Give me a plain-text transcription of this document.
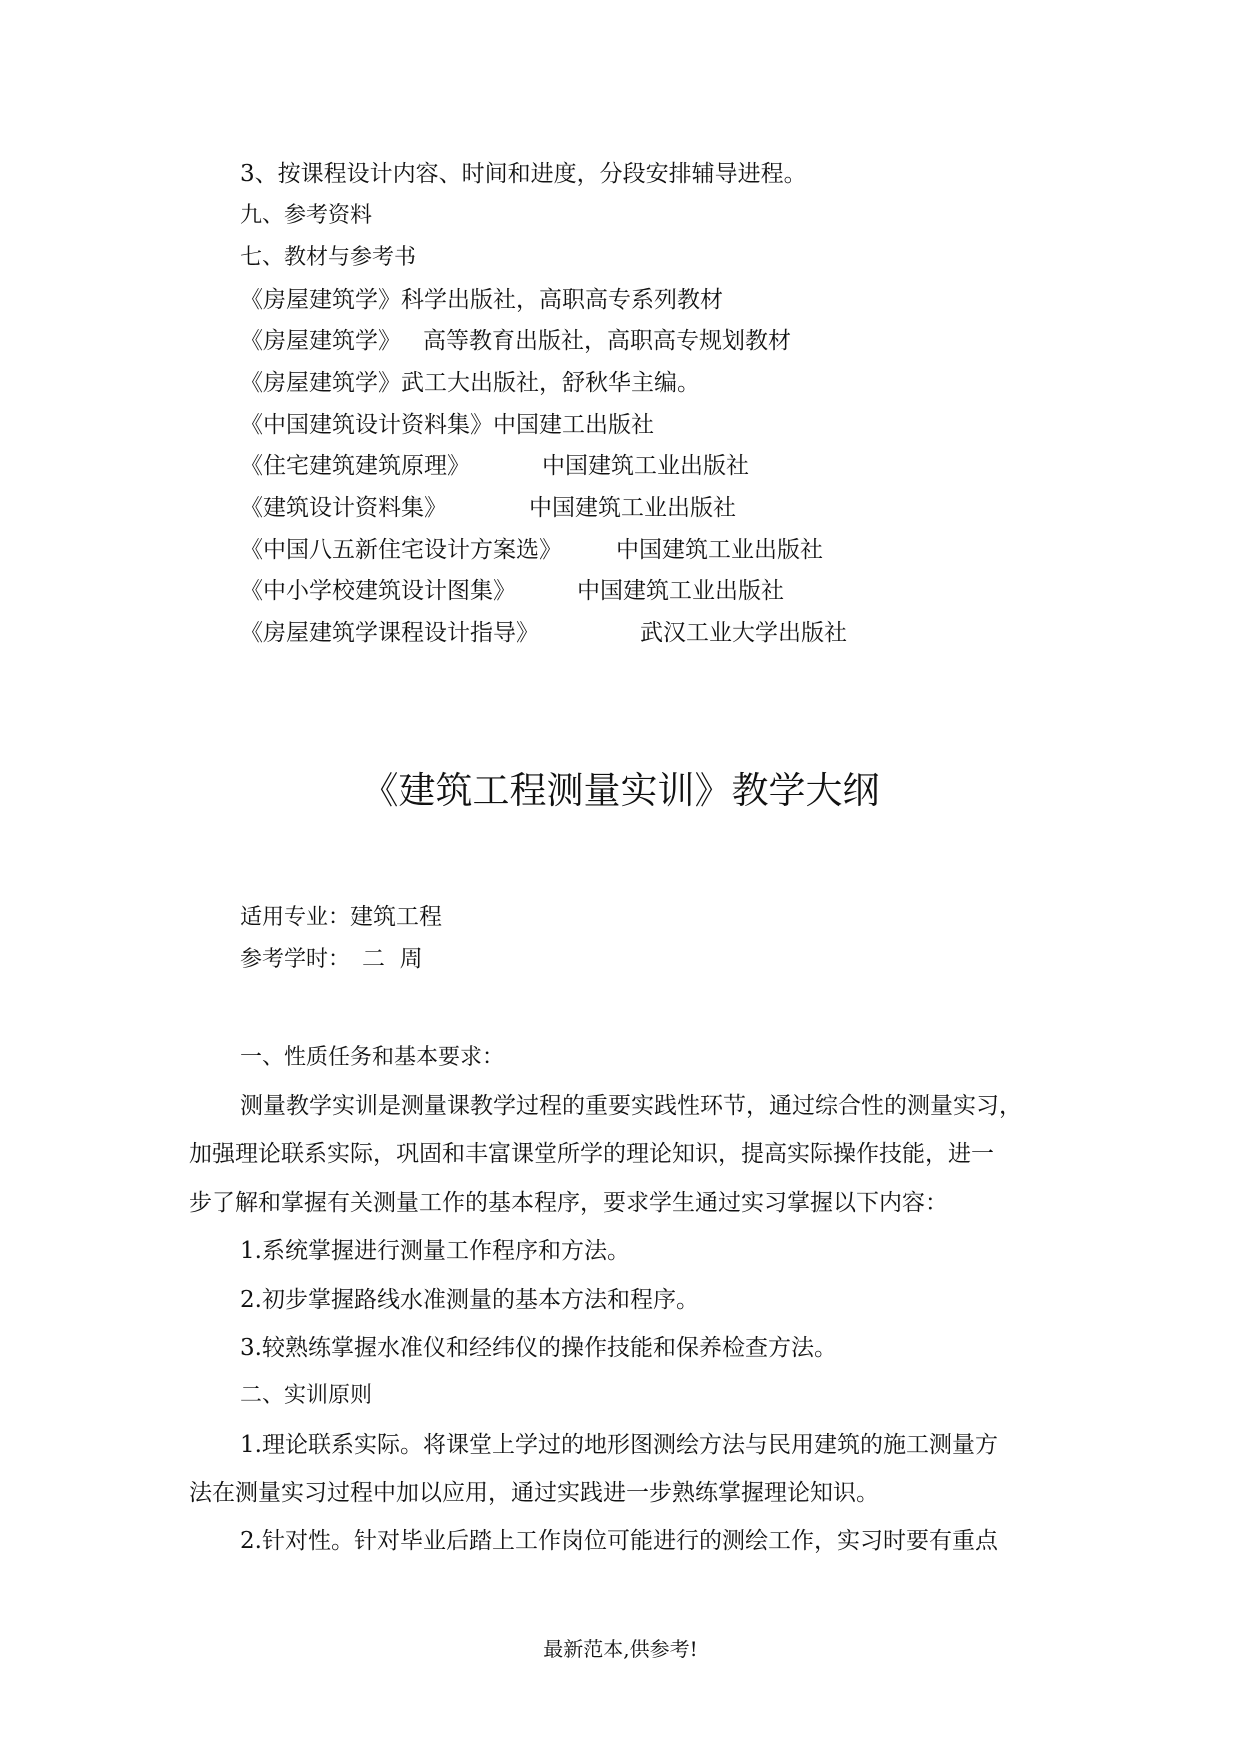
3、按课程设计内容、时间和进度，分段安排辅导进程。
九、参考资料
七、教材与参考书
《房屋建筑学》科学出版社，高职高专系列教材
《房屋建筑学》 高等教育出版社，高职高专规划教材
《房屋建筑学》武工大出版社，舒秋华主编。
《中国建筑设计资料集》中国建工出版社
《住宅建筑建筑原理》	中国建筑工业出版社
《建筑设计资料集》	中国建筑工业出版社
《中国八五新住宅设计方案选》 中国建筑工业出版社
《中小学校建筑设计图集》	中国建筑工业出版社
《房屋建筑学课程设计指导》	武汉工业大学出版社
《建筑工程测量实训》教学大纲
适用专业：建筑工程
参考学时： 二  周
一、性质任务和基本要求：
测量教学实训是测量课教学过程的重要实践性环节，通过综合性的测量实习，
加强理论联系实际，巩固和丰富课堂所学的理论知识，提高实际操作技能，进一
步了解和掌握有关测量工作的基本程序，要求学生通过实习掌握以下内容：
1.系统掌握进行测量工作程序和方法。
2.初步掌握路线水准测量的基本方法和程序。
3.较熟练掌握水准仪和经纬仪的操作技能和保养检查方法。
二、实训原则
1.理论联系实际。将课堂上学过的地形图测绘方法与民用建筑的施工测量方
法在测量实习过程中加以应用，通过实践进一步熟练掌握理论知识。
2.针对性。针对毕业后踏上工作岗位可能进行的测绘工作，实习时要有重点
最新范本,供参考!
